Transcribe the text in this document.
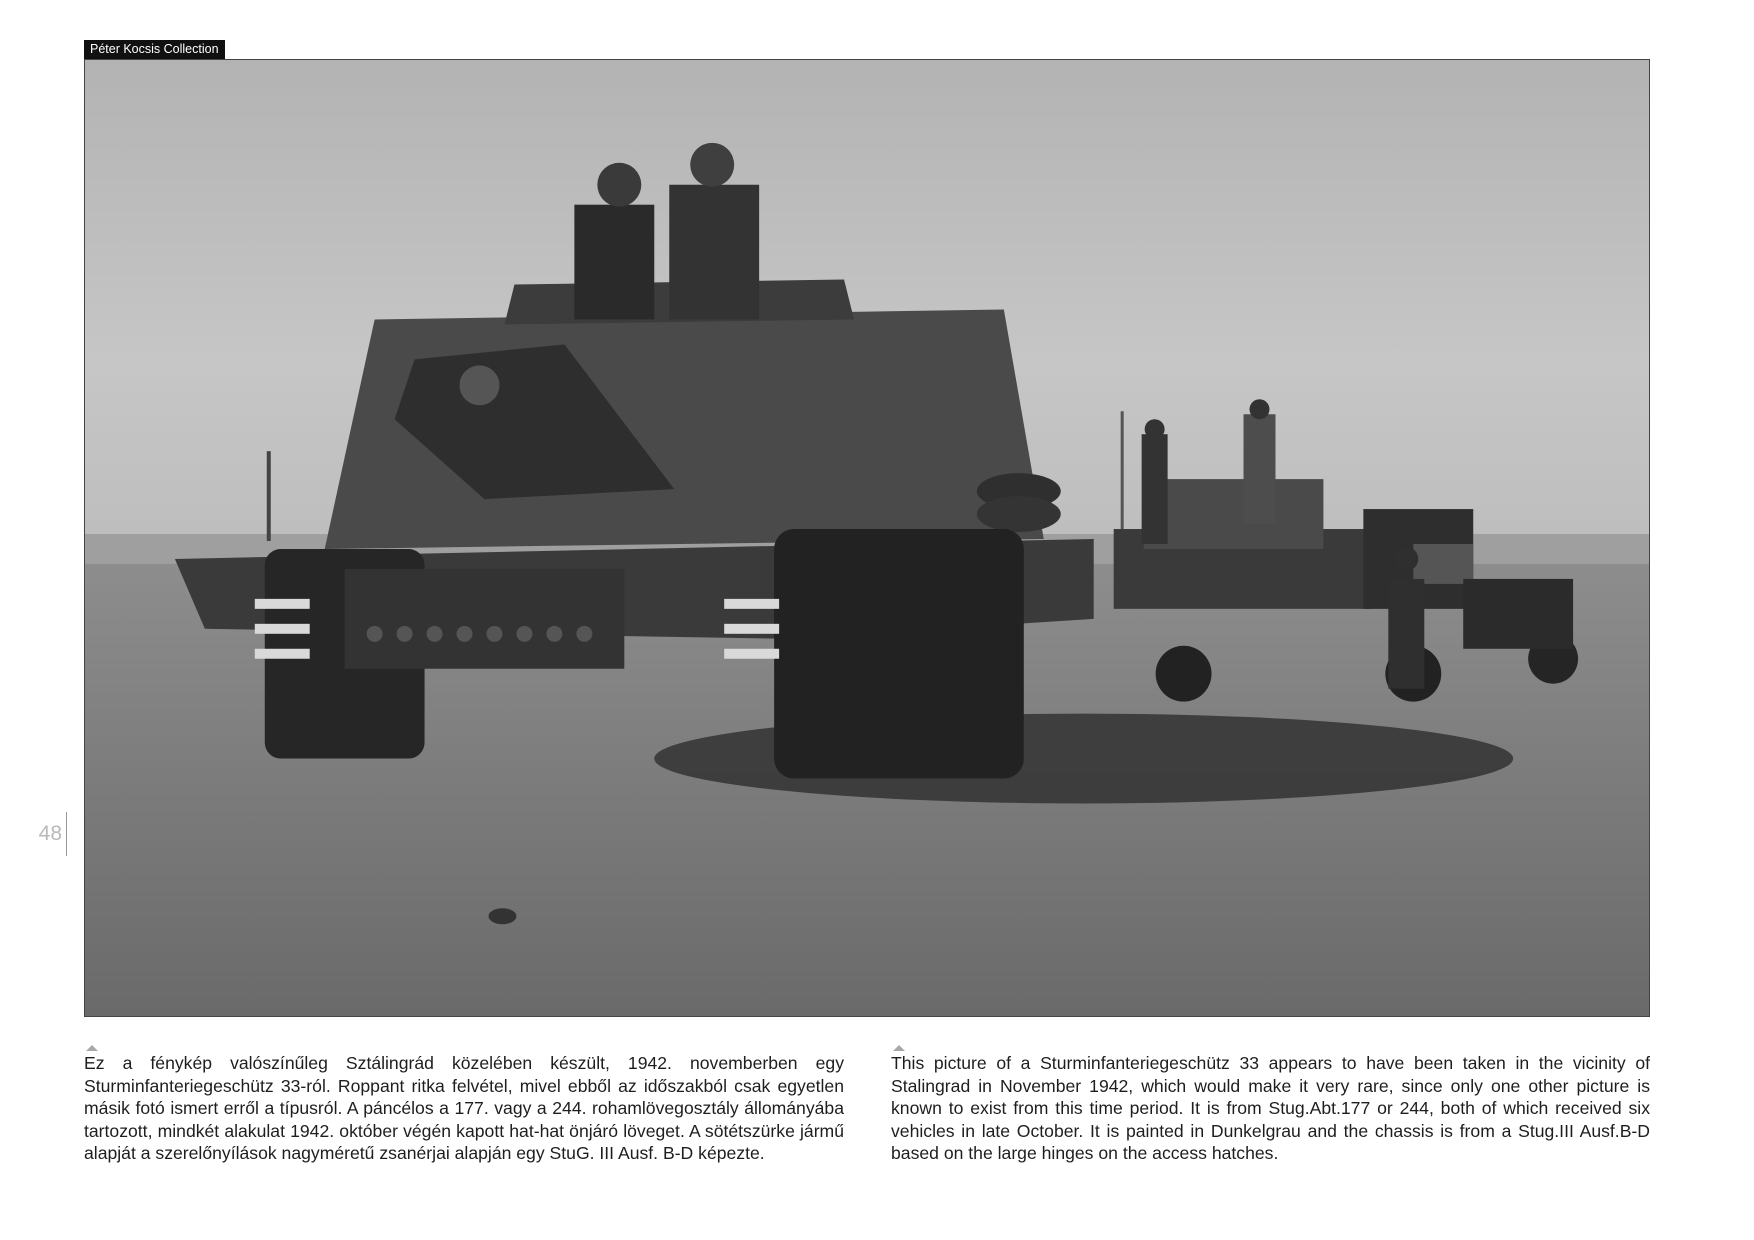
Péter Kocsis Collection
48

Ez a fénykép valószínűleg Sztálingrád közelében készült, 1942. novemberben egy Sturminfanteriegeschütz 33-ról. Roppant ritka felvétel, mivel ebből az időszakból csak egyetlen másik fotó ismert erről a típusról. A páncélos a 177. vagy a 244. rohamlövegosztály állományába tartozott, mindkét alakulat 1942. október végén kapott hat-hat önjáró löveget. A sötétszürke jármű alapját a szerelőnyílások nagyméretű zsanérjai alapján egy StuG. III Ausf. B-D képezte.

This picture of a Sturminfanteriegeschütz 33 appears to have been taken in the vicinity of Stalingrad in November 1942, which would make it very rare, since only one other picture is known to exist from this time period. It is from Stug.Abt.177 or 244, both of which received six vehicles in late October. It is painted in Dunkelgrau and the chassis is from a Stug.III Ausf.B-D based on the large hinges on the access hatches.
